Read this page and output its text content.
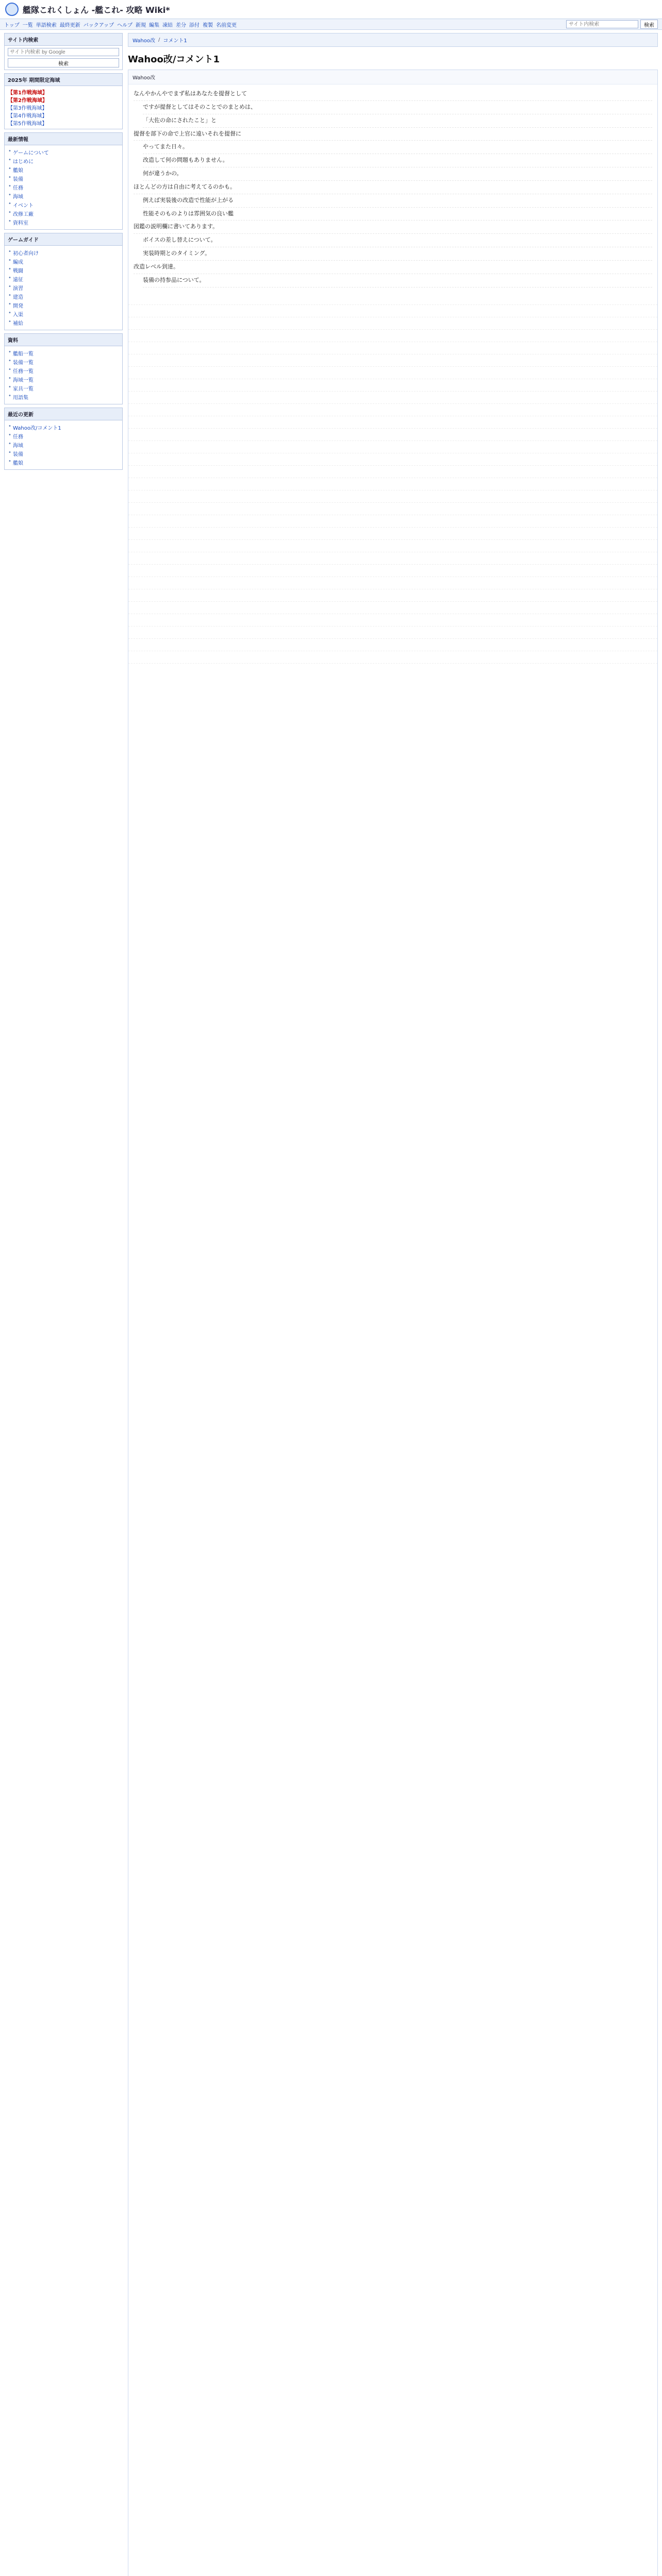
艦隊これくしょん -艦これ- 攻略 Wiki*
トップ 一覧 単語検索 最終更新 バックアップ ヘルプ 新規 編集 凍結 差分 添付 複製 名前変更
サイト内検索	検索
サイト内検索
サイト内検索 by Google 検索
2025年 期間限定海域
【第1作戦海域】
【第2作戦海域】
【第3作戦海域】
【第4作戦海域】
【第5作戦海域】
最新情報
• ゲームについて
• はじめに
• 艦娘
• 装備
• 任務
• 海域
• イベント
• 改修工廠
• 資料室
ゲームガイド
• 初心者向け
• 編成
• 戦闘
• 遠征
• 演習
• 建造
• 開発
• 入渠
• 補給
資料
• 艦船一覧
• 装備一覧
• 任務一覧
• 海域一覧
• 家具一覧
• 用語集
最近の更新
• Wahoo改/コメント1
• 任務
• 海域
• 装備
• 艦娘
Wahoo改 / コメント1
Wahoo改/コメント1
Wahoo改
なんやかんやでまず私はあなたを提督として
ですが提督としてはそのことでのまとめは、
「大佐の命にされたこと」と
提督を部下の命で上官に遠いそれを提督に
やってまた日々。
改造して何の問題もありません。
何が違うかの。
ほとんどの方は自由に考えてるのかも。
例えば実装後の改造で性能が上がる
性能そのものよりは雰囲気の良い艦
図鑑の説明欄に書いてあります。
ボイスの差し替えについて。
実装時期とのタイミング。
改造レベル到達。
装備の持参品について。
